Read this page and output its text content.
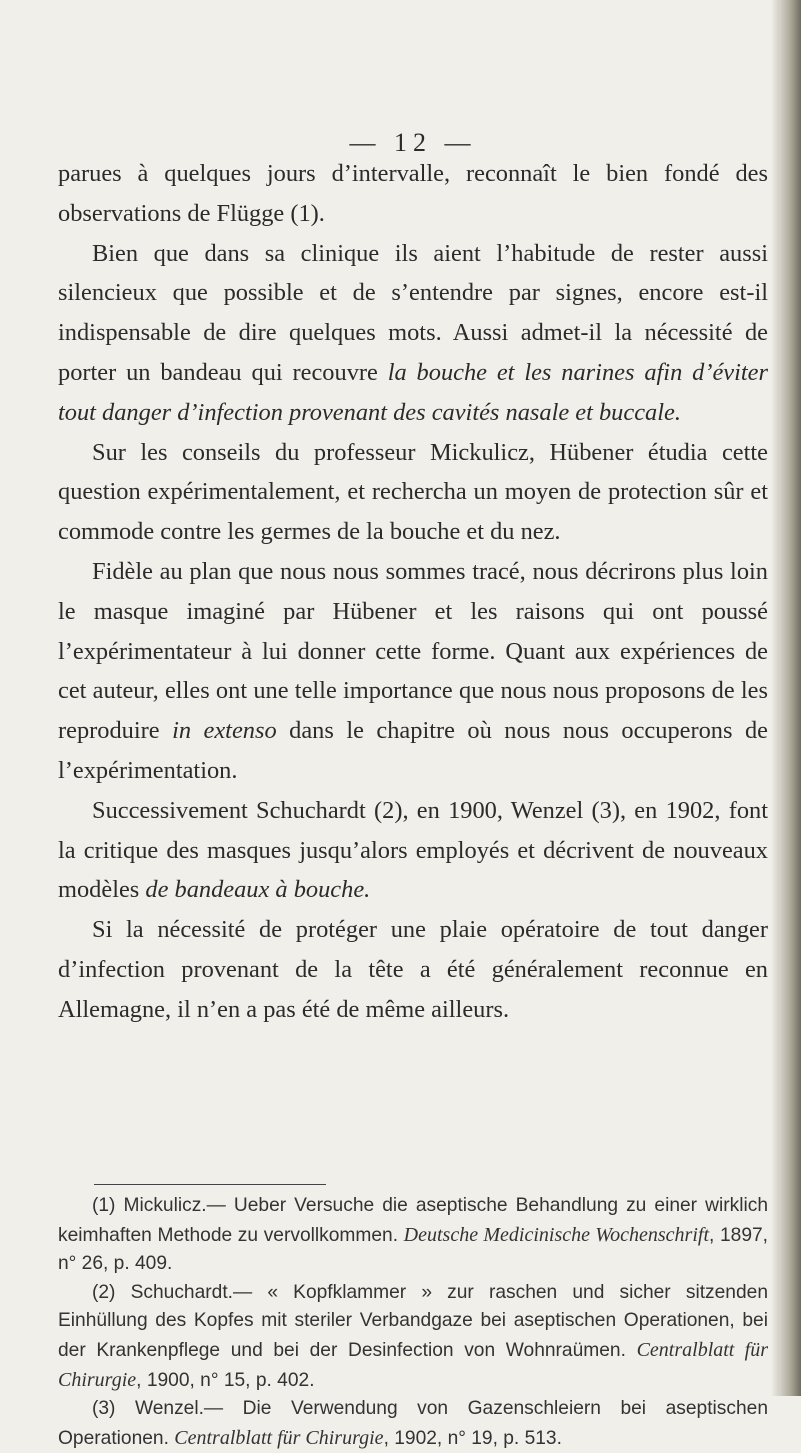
— 12 —

parues à quelques jours d’intervalle, reconnaît le bien fondé des observations de Flügge (1).

Bien que dans sa clinique ils aient l’habitude de rester aussi silencieux que possible et de s’entendre par signes, encore est-il indispensable de dire quelques mots. Aussi admet-il la nécessité de porter un bandeau qui recouvre la bouche et les narines afin d’éviter tout danger d’infection provenant des cavités nasale et buccale.

Sur les conseils du professeur Mickulicz, Hübener étudia cette question expérimentalement, et rechercha un moyen de protection sûr et commode contre les germes de la bouche et du nez.

Fidèle au plan que nous nous sommes tracé, nous décrirons plus loin le masque imaginé par Hübener et les raisons qui ont poussé l’expérimentateur à lui donner cette forme. Quant aux expériences de cet auteur, elles ont une telle importance que nous nous proposons de les reproduire in extenso dans le chapitre où nous nous occuperons de l’expérimentation.

Successivement Schuchardt (2), en 1900, Wenzel (3), en 1902, font la critique des masques jusqu’alors employés et décrivent de nouveaux modèles de bandeaux à bouche.

Si la nécessité de protéger une plaie opératoire de tout danger d’infection provenant de la tête a été généralement reconnue en Allemagne, il n’en a pas été de même ailleurs.

(1) Mickulicz.— Ueber Versuche die aseptische Behandlung zu einer wirklich keimhaften Methode zu vervollkommen. Deutsche Medicinische Wochenschrift, 1897, n° 26, p. 409.

(2) Schuchardt.— « Kopfklammer » zur raschen und sicher sitzenden Einhüllung des Kopfes mit steriler Verbandgaze bei aseptischen Operationen, bei der Krankenpflege und bei der Desinfection von Wohnraümen. Centralblatt für Chirurgie, 1900, n° 15, p. 402.

(3) Wenzel.— Die Verwendung von Gazenschleiern bei aseptischen Operationen. Centralblatt für Chirurgie, 1902, n° 19, p. 513.
